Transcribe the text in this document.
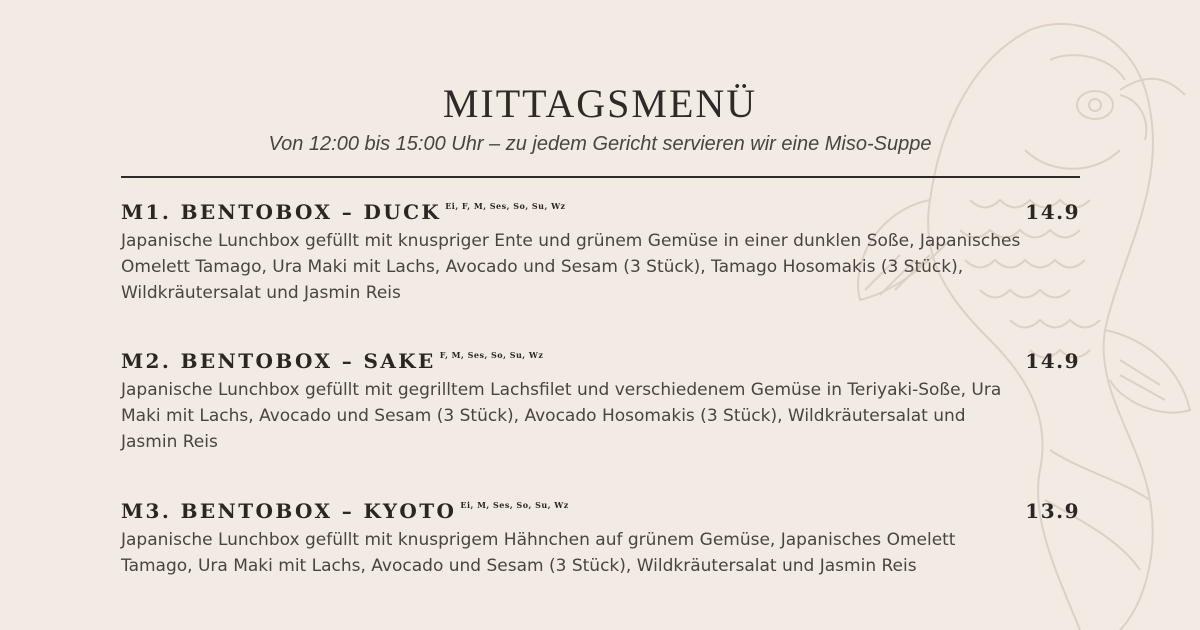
MITTAGSMENÜ
Von 12:00 bis 15:00 Uhr – zu jedem Gericht servieren wir eine Miso-Suppe
M1. BENTOBOX – DUCK $^{Ei, F, M, Ses, So, Su, Wz}$	14.9
Japanische Lunchbox gefüllt mit knuspriger Ente und grünem Gemüse in einer dunklen Soße, Japanisches Omelett Tamago, Ura Maki mit Lachs, Avocado und Sesam (3 Stück), Tamago Hosomakis (3 Stück), Wildkräutersalat und Jasmin Reis
M2. BENTOBOX – SAKE $^{F, M, Ses, So, Su, Wz}$	14.9
Japanische Lunchbox gefüllt mit gegrilltem Lachsfilet und verschiedenem Gemüse in Teriyaki-Soße, Ura Maki mit Lachs, Avocado und Sesam (3 Stück), Avocado Hosomakis (3 Stück), Wildkräutersalat und Jasmin Reis
M3. BENTOBOX – KYOTO $^{Ei, M, Ses, So, Su, Wz}$	13.9
Japanische Lunchbox gefüllt mit knusprigem Hähnchen auf grünem Gemüse, Japanisches Omelett Tamago, Ura Maki mit Lachs, Avocado und Sesam (3 Stück), Wildkräutersalat und Jasmin Reis
